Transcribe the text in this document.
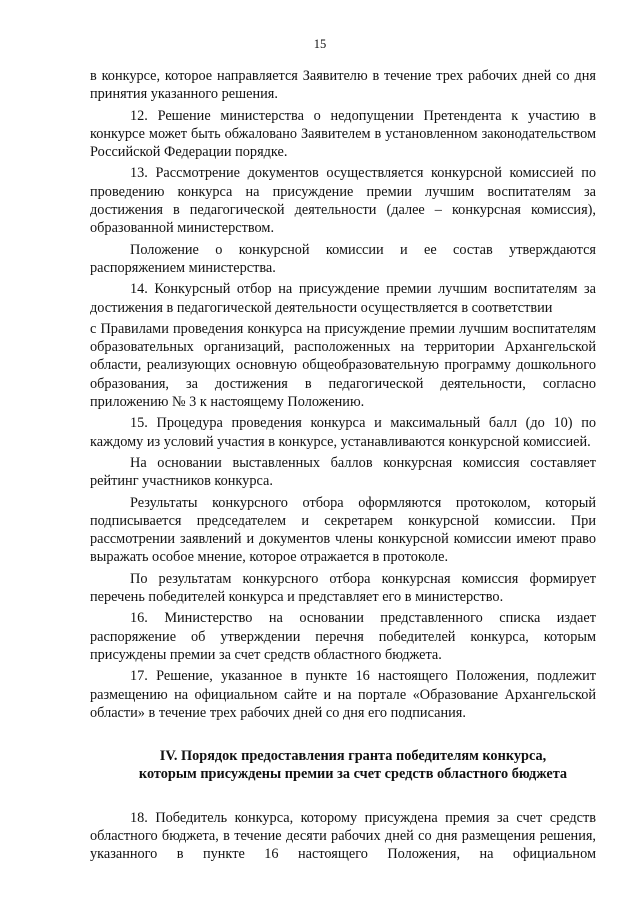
15

в конкурсе, которое направляется Заявителю в течение трех рабочих дней со дня принятия указанного решения.

12. Решение министерства о недопущении Претендента к участию в конкурсе может быть обжаловано Заявителем в установленном законодательством Российской Федерации порядке.

13. Рассмотрение документов осуществляется конкурсной комиссией по проведению конкурса на присуждение премии лучшим воспитателям за достижения в педагогической деятельности (далее – конкурсная комиссия), образованной министерством.

Положение о конкурсной комиссии и ее состав утверждаются распоряжением министерства.

14. Конкурсный отбор на присуждение премии лучшим воспитателям за достижения в педагогической деятельности осуществляется в соответствии

с Правилами проведения конкурса на присуждение премии лучшим воспитателям образовательных организаций, расположенных на территории Архангельской области, реализующих основную общеобразовательную программу дошкольного образования, за достижения в педагогической деятельности, согласно приложению № 3 к настоящему Положению.

15. Процедура проведения конкурса и максимальный балл (до 10) по каждому из условий участия в конкурсе, устанавливаются конкурсной комиссией.

На основании выставленных баллов конкурсная комиссия составляет рейтинг участников конкурса.

Результаты конкурсного отбора оформляются протоколом, который подписывается председателем и секретарем конкурсной комиссии. При рассмотрении заявлений и документов члены конкурсной комиссии имеют право выражать особое мнение, которое отражается в протоколе.

По результатам конкурсного отбора конкурсная комиссия формирует перечень победителей конкурса и представляет его в министерство.

16. Министерство на основании представленного списка издает распоряжение об утверждении перечня победителей конкурса, которым присуждены премии за счет средств областного бюджета.

17. Решение, указанное в пункте 16 настоящего Положения, подлежит размещению на официальном сайте и на портале «Образование Архангельской области» в течение трех рабочих дней со дня его подписания.

IV. Порядок предоставления гранта победителям конкурса,
которым присуждены премии за счет средств областного бюджета

18. Победитель конкурса, которому присуждена премия за счет средств областного бюджета, в течение десяти рабочих дней со дня размещения решения, указанного в пункте 16 настоящего Положения, на официальном
